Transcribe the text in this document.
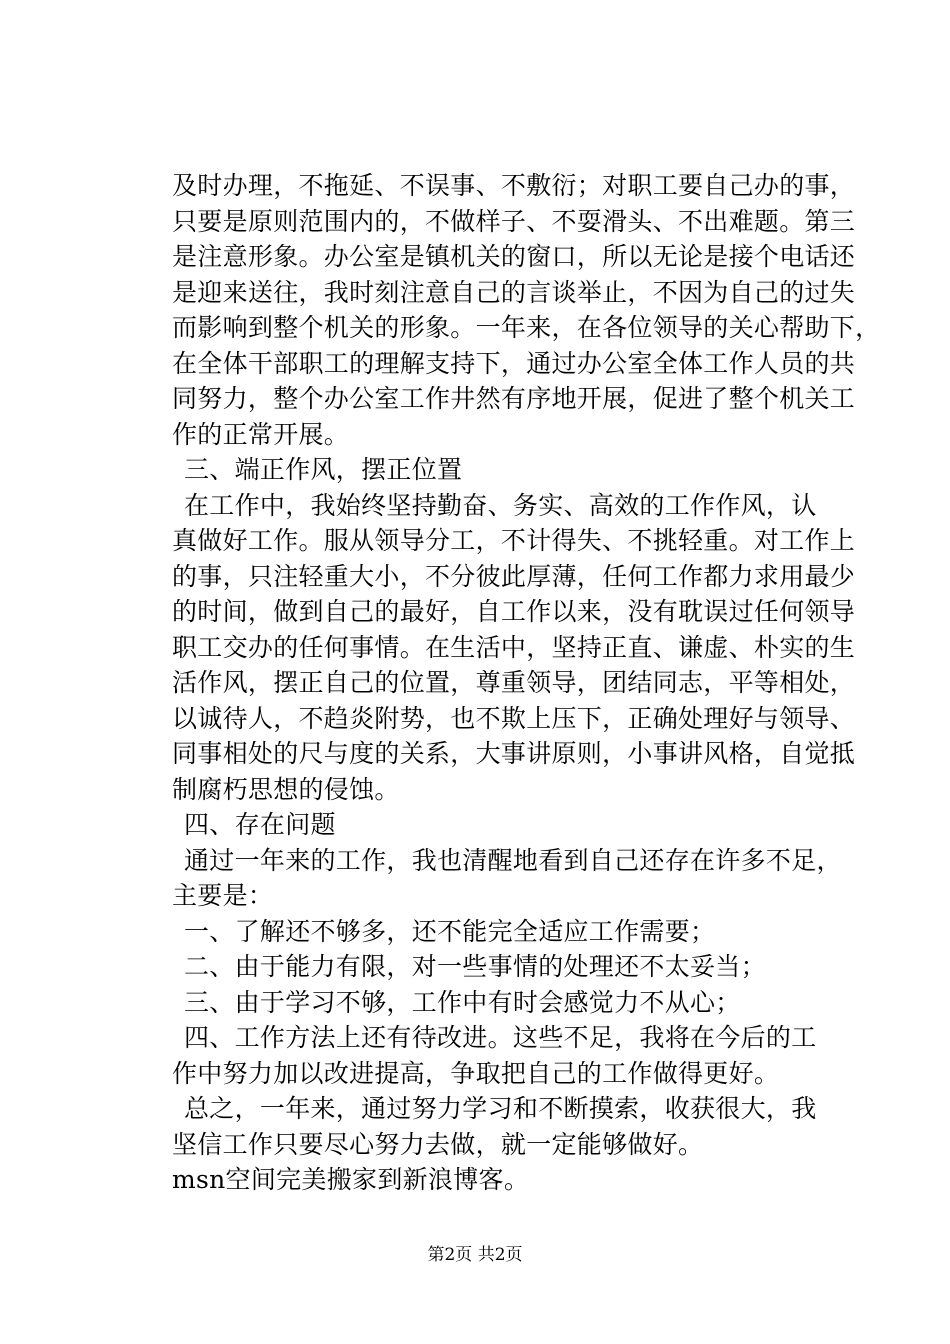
及时办理，不拖延、不误事、不敷衍；对职工要自己办的事，
只要是原则范围内的，不做样子、不耍滑头、不出难题。第三
是注意形象。办公室是镇机关的窗口，所以无论是接个电话还
是迎来送往，我时刻注意自己的言谈举止，不因为自己的过失
而影响到整个机关的形象。一年来，在各位领导的关心帮助下，
在全体干部职工的理解支持下，通过办公室全体工作人员的共
同努力，整个办公室工作井然有序地开展，促进了整个机关工
作的正常开展。
三、端正作风，摆正位置
在工作中，我始终坚持勤奋、务实、高效的工作作风，认
真做好工作。服从领导分工，不计得失、不挑轻重。对工作上
的事，只注轻重大小，不分彼此厚薄，任何工作都力求用最少
的时间，做到自己的最好，自工作以来，没有耽误过任何领导
职工交办的任何事情。在生活中，坚持正直、谦虚、朴实的生
活作风，摆正自己的位置，尊重领导，团结同志，平等相处，
以诚待人，不趋炎附势，也不欺上压下，正确处理好与领导、
同事相处的尺与度的关系，大事讲原则，小事讲风格，自觉抵
制腐朽思想的侵蚀。
四、存在问题
通过一年来的工作，我也清醒地看到自己还存在许多不足，
主要是：
一、了解还不够多，还不能完全适应工作需要；
二、由于能力有限，对一些事情的处理还不太妥当；
三、由于学习不够，工作中有时会感觉力不从心；
四、工作方法上还有待改进。这些不足，我将在今后的工
作中努力加以改进提高，争取把自己的工作做得更好。
总之，一年来，通过努力学习和不断摸索，收获很大，我
坚信工作只要尽心努力去做，就一定能够做好。
msn空间完美搬家到新浪博客。
第2页 共2页
